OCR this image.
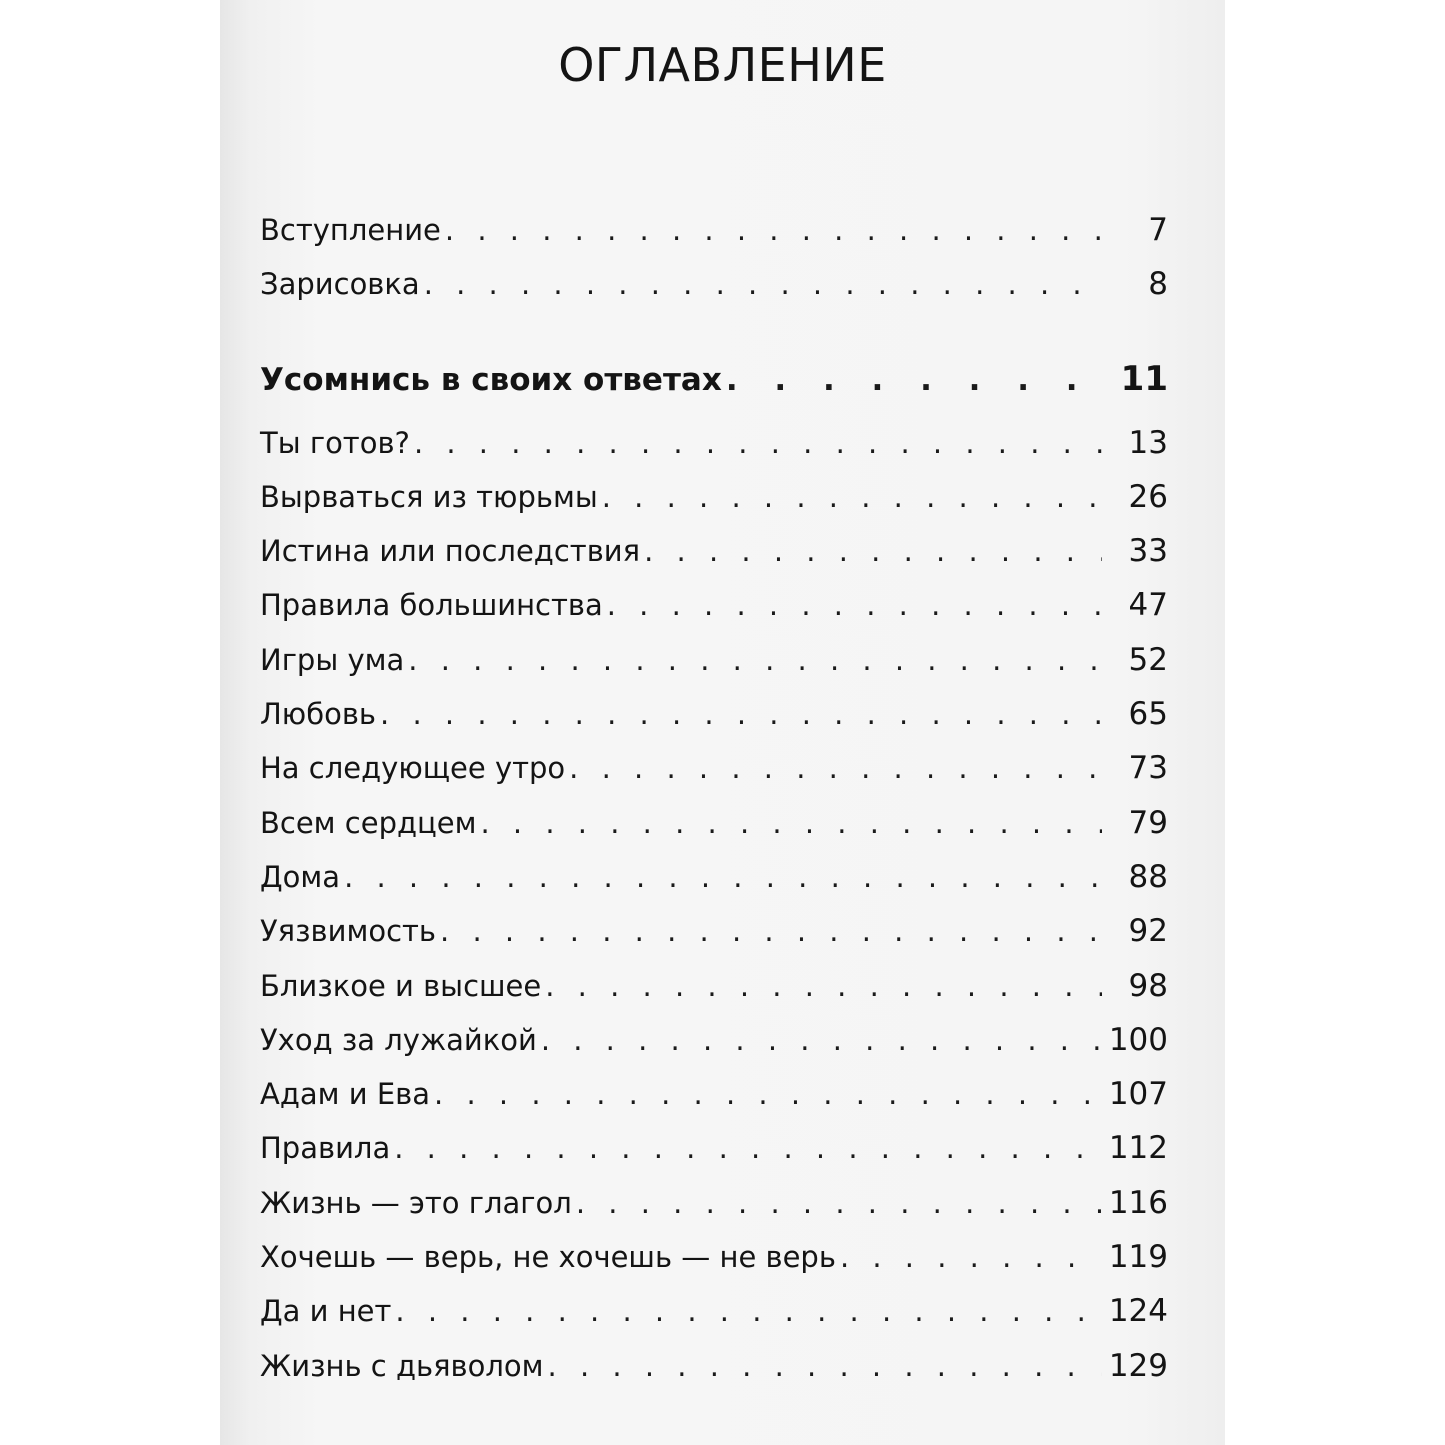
ОГЛАВЛЕНИЕ
Вступление . . .	7
Зарисовка . . .	8
Усомнись в своих ответах . . .	11
Ты готов? . . .	13
Вырваться из тюрьмы . . .	26
Истина или последствия . . .	33
Правила большинства . . .	47
Игры ума . . .	52
Любовь . . .	65
На следующее утро . . .	73
Всем сердцем . . .	79
Дома . . .	88
Уязвимость . . .	92
Близкое и высшее . . .	98
Уход за лужайкой . . .	100
Адам и Ева . . .	107
Правила . . .	112
Жизнь — это глагол . . .	116
Хочешь — верь, не хочешь — не верь . . .	119
Да и нет . . .	124
Жизнь с дьяволом . . .	129
